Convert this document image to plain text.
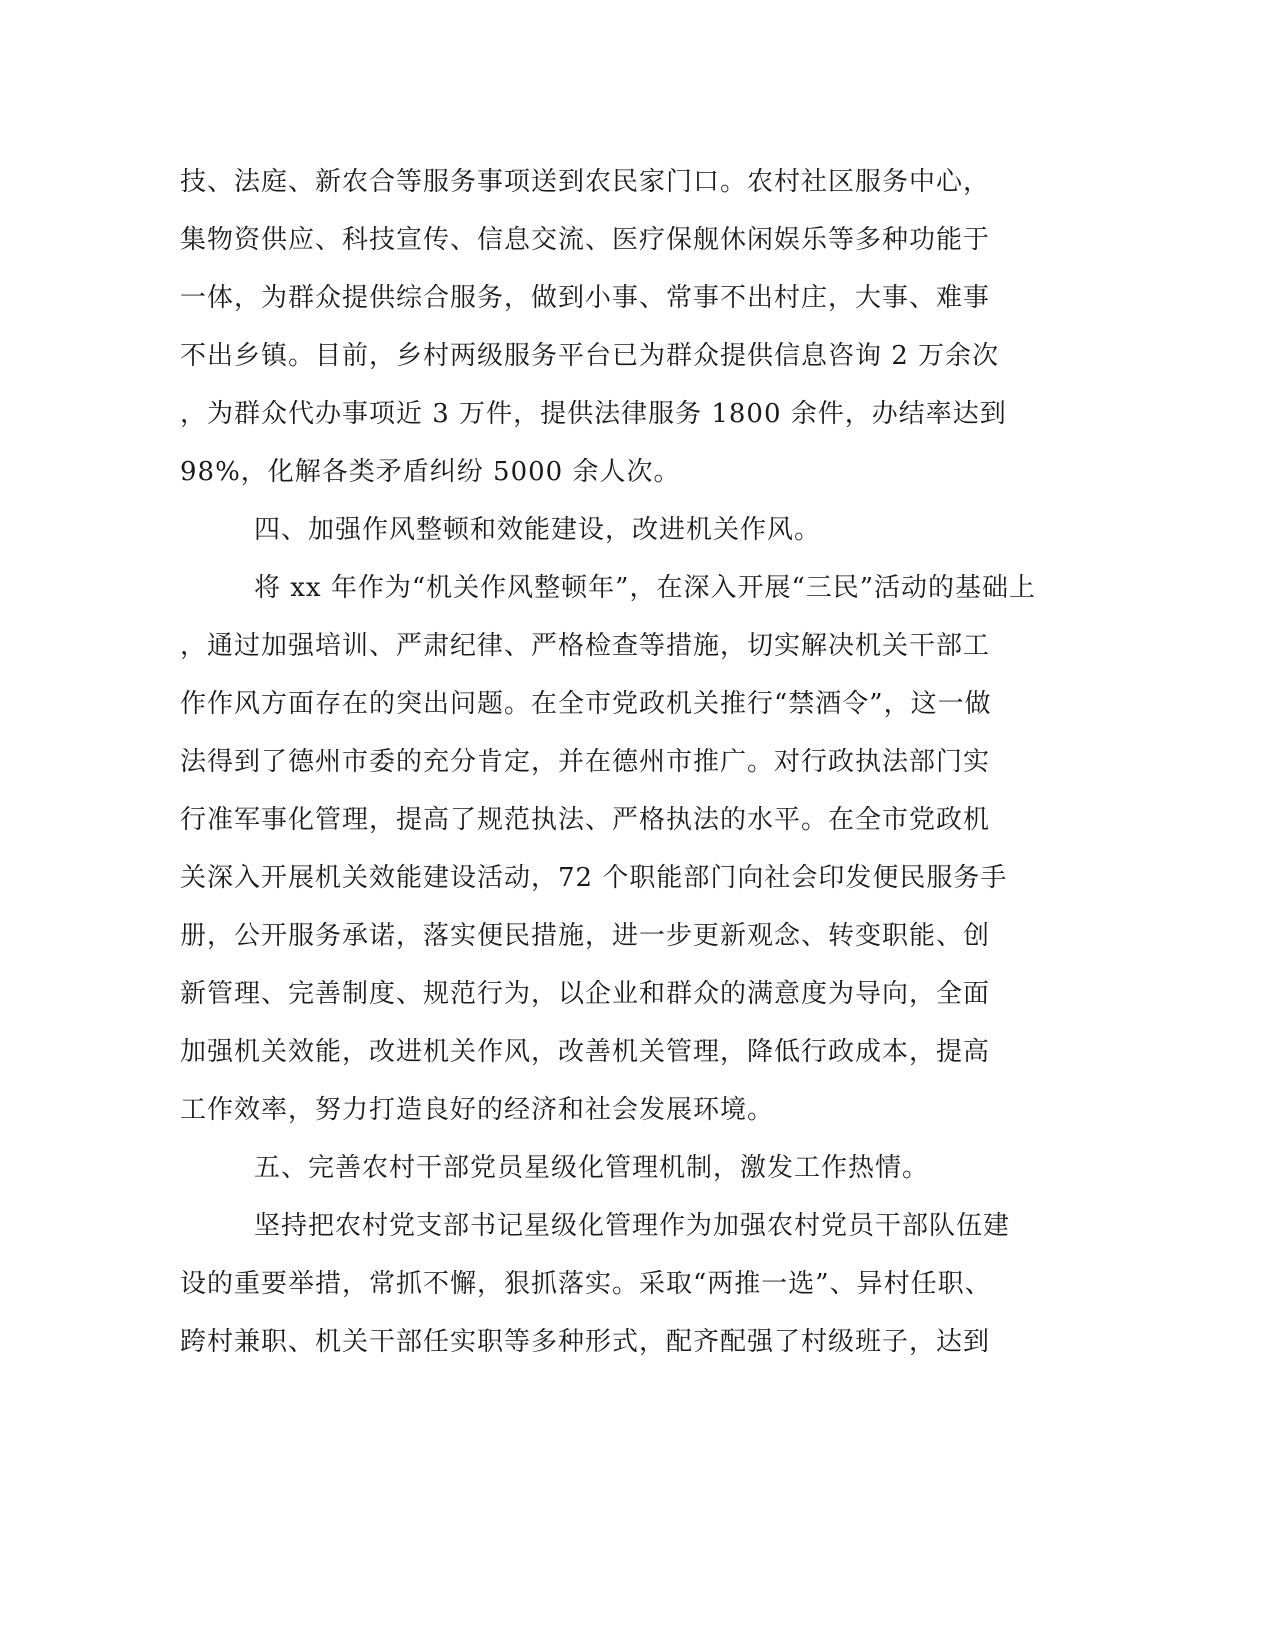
技、法庭、新农合等服务事项送到农民家门口。农村社区服务中心，
集物资供应、科技宣传、信息交流、医疗保舰休闲娱乐等多种功能于
一体，为群众提供综合服务，做到小事、常事不出村庄，大事、难事
不出乡镇。目前，乡村两级服务平台已为群众提供信息咨询 2 万余次
，为群众代办事项近 3 万件，提供法律服务 1800 余件，办结率达到
98%，化解各类矛盾纠纷 5000 余人次。
四、加强作风整顿和效能建设，改进机关作风。
将 xx 年作为“机关作风整顿年”，在深入开展“三民”活动的基础上
，通过加强培训、严肃纪律、严格检查等措施，切实解决机关干部工
作作风方面存在的突出问题。在全市党政机关推行“禁酒令”，这一做
法得到了德州市委的充分肯定，并在德州市推广。对行政执法部门实
行准军事化管理，提高了规范执法、严格执法的水平。在全市党政机
关深入开展机关效能建设活动，72 个职能部门向社会印发便民服务手
册，公开服务承诺，落实便民措施，进一步更新观念、转变职能、创
新管理、完善制度、规范行为，以企业和群众的满意度为导向，全面
加强机关效能，改进机关作风，改善机关管理，降低行政成本，提高
工作效率，努力打造良好的经济和社会发展环境。
五、完善农村干部党员星级化管理机制，激发工作热情。
坚持把农村党支部书记星级化管理作为加强农村党员干部队伍建
设的重要举措，常抓不懈，狠抓落实。采取“两推一选”、异村任职、
跨村兼职、机关干部任实职等多种形式，配齐配强了村级班子，达到
